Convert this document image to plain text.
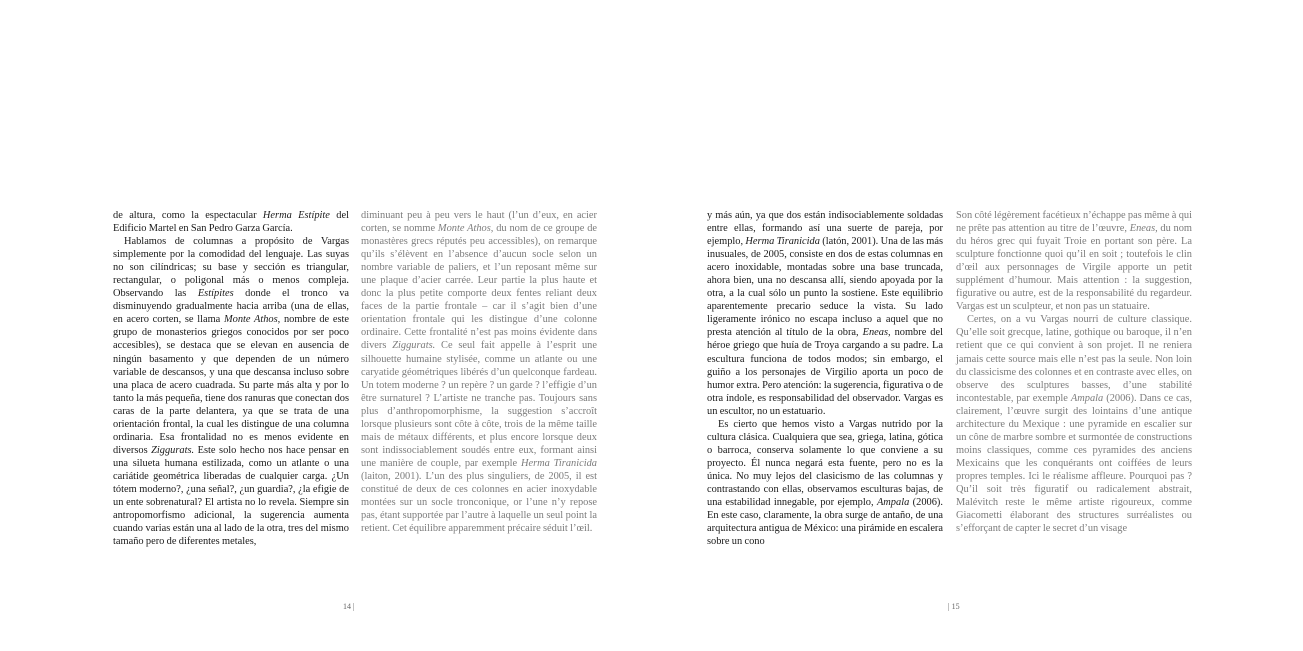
de altura, como la espectacular Herma Estípite del Edificio Martel en San Pedro Garza García.

Hablamos de columnas a propósito de Vargas simplemente por la comodidad del lenguaje. Las suyas no son cilíndricas; su base y sección es triangular, rectangular, o poligonal más o menos compleja. Observando las Estípites donde el tronco va disminuyendo gradualmente hacia arriba (una de ellas, en acero corten, se llama Monte Athos, nombre de este grupo de monasterios griegos conocidos por ser poco accesibles), se destaca que se elevan en ausencia de ningún basamento y que dependen de un número variable de descansos, y una que descansa incluso sobre una placa de acero cuadrada. Su parte más alta y por lo tanto la más pequeña, tiene dos ranuras que conectan dos caras de la parte delantera, ya que se trata de una orientación frontal, la cual les distingue de una columna ordinaria. Esa frontalidad no es menos evidente en diversos Ziggurats. Este solo hecho nos hace pensar en una silueta humana estilizada, como un atlante o una cariátide geométrica liberadas de cualquier carga. ¿Un tótem moderno?, ¿una señal?, ¿un guardia?, ¿la efigie de un ente sobrenatural? El artista no lo revela. Siempre sin antropomorfismo adicional, la sugerencia aumenta cuando varias están una al lado de la otra, tres del mismo tamaño pero de diferentes metales,

diminuant peu à peu vers le haut (l’un d’eux, en acier corten, se nomme Monte Athos, du nom de ce groupe de monastères grecs réputés peu accessibles), on remarque qu’ils s’élèvent en l’absence d’aucun socle selon un nombre variable de paliers, et l’un reposant même sur une plaque d’acier carrée. Leur partie la plus haute et donc la plus petite comporte deux fentes reliant deux faces de la partie frontale – car il s’agit bien d’une orientation frontale qui les distingue d’une colonne ordinaire. Cette frontalité n’est pas moins évidente dans divers Ziggurats. Ce seul fait appelle à l’esprit une silhouette humaine stylisée, comme un atlante ou une caryatide géométriques libérés d’un quelconque fardeau. Un totem moderne ? un repère ? un garde ? l’effigie d’un être surnaturel ? L’artiste ne tranche pas. Toujours sans plus d’anthropomorphisme, la suggestion s’accroît lorsque plusieurs sont côte à côte, trois de la même taille mais de métaux différents, et plus encore lorsque deux sont indissociablement soudés entre eux, formant ainsi une manière de couple, par exemple Herma Tiranicida (laiton, 2001). L’un des plus singuliers, de 2005, il est constitué de deux de ces colonnes en acier inoxydable montées sur un socle tronconique, or l’une n’y repose pas, étant supportée par l’autre à laquelle un seul point la retient. Cet équilibre apparemment précaire séduit l’œil.

14 |

y más aún, ya que dos están indisociablemente soldadas entre ellas, formando así una suerte de pareja, por ejemplo, Herma Tiranicida (latón, 2001). Una de las más inusuales, de 2005, consiste en dos de estas columnas en acero inoxidable, montadas sobre una base truncada, ahora bien, una no descansa allí, siendo apoyada por la otra, a la cual sólo un punto la sostiene. Este equilibrio aparentemente precario seduce la vista. Su lado ligeramente irónico no escapa incluso a aquel que no presta atención al título de la obra, Eneas, nombre del héroe griego que huía de Troya cargando a su padre. La escultura funciona de todos modos; sin embargo, el guiño a los personajes de Virgilio aporta un poco de humor extra. Pero atención: la sugerencia, figurativa o de otra índole, es responsabilidad del observador. Vargas es un escultor, no un estatuario.

Es cierto que hemos visto a Vargas nutrido por la cultura clásica. Cualquiera que sea, griega, latina, gótica o barroca, conserva solamente lo que conviene a su proyecto. Él nunca negará esta fuente, pero no es la única. No muy lejos del clasicismo de las columnas y contrastando con ellas, observamos esculturas bajas, de una estabilidad innegable, por ejemplo, Ampala (2006). En este caso, claramente, la obra surge de antaño, de una arquitectura antigua de México: una pirámide en escalera sobre un cono

Son côté légèrement facétieux n’échappe pas même à qui ne prête pas attention au titre de l’œuvre, Eneas, du nom du héros grec qui fuyait Troie en portant son père. La sculpture fonctionne quoi qu’il en soit ; toutefois le clin d’œil aux personnages de Virgile apporte un petit supplément d’humour. Mais attention : la suggestion, figurative ou autre, est de la responsabilité du regardeur. Vargas est un sculpteur, et non pas un statuaire.

Certes, on a vu Vargas nourri de culture classique. Qu’elle soit grecque, latine, gothique ou baroque, il n’en retient que ce qui convient à son projet. Il ne reniera jamais cette source mais elle n’est pas la seule. Non loin du classicisme des colonnes et en contraste avec elles, on observe des sculptures basses, d’une stabilité incontestable, par exemple Ampala (2006). Dans ce cas, clairement, l’œuvre surgit des lointains d’une antique architecture du Mexique : une pyramide en escalier sur un cône de marbre sombre et surmontée de constructions moins classiques, comme ces pyramides des anciens Mexicains que les conquérants ont coiffées de leurs propres temples. Ici le réalisme affleure. Pourquoi pas ? Qu’il soit très figuratif ou radicalement abstrait, Malévitch reste le même artiste rigoureux, comme Giacometti élaborant des structures surréalistes ou s’efforçant de capter le secret d’un visage

| 15
